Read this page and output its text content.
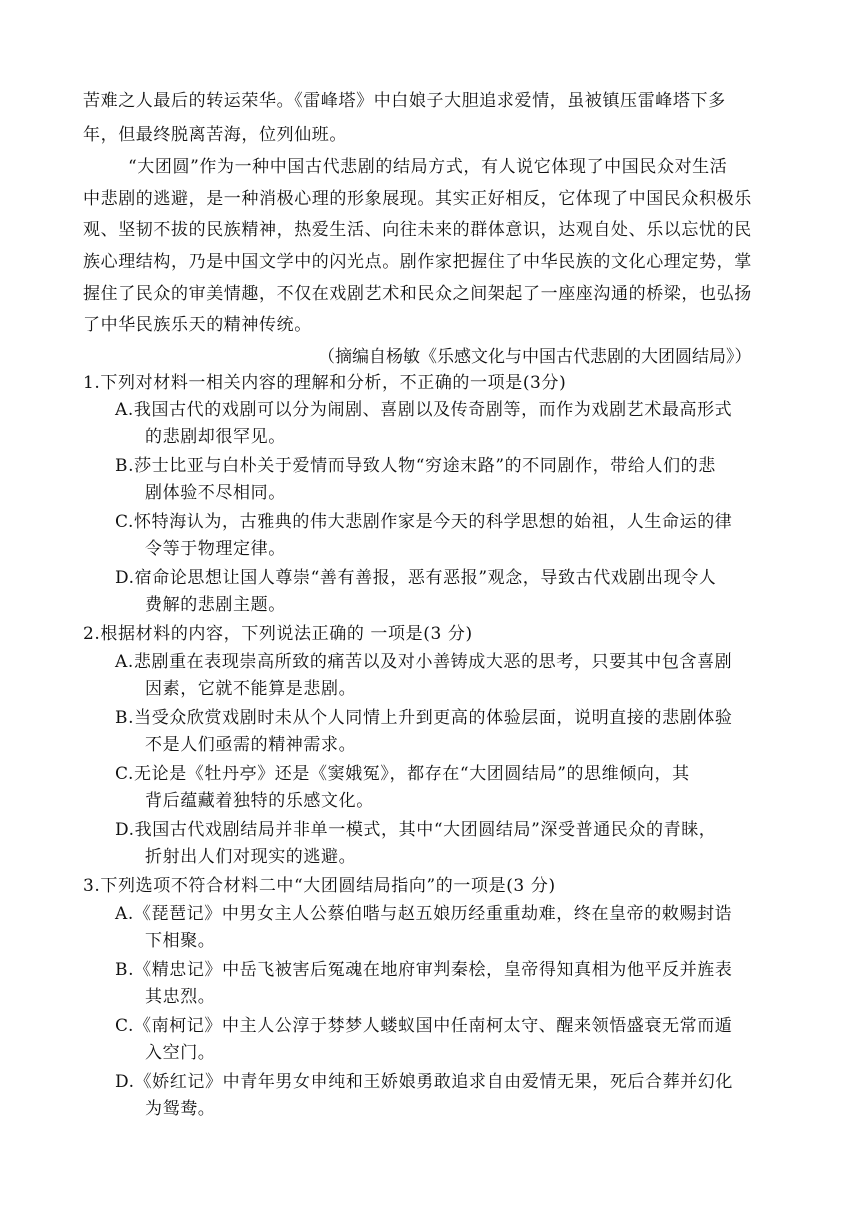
苦难之人最后的转运荣华。《雷峰塔》中白娘子大胆追求爱情，虽被镇压雷峰塔下多
年，但最终脱离苦海，位列仙班。
“大团圆”作为一种中国古代悲剧的结局方式，有人说它体现了中国民众对生活
中悲剧的逃避，是一种消极心理的形象展现。其实正好相反，它体现了中国民众积极乐
观、坚韧不拔的民族精神，热爱生活、向往未来的群体意识，达观自处、乐以忘忧的民
族心理结构，乃是中国文学中的闪光点。剧作家把握住了中华民族的文化心理定势，掌
握住了民众的审美情趣，不仅在戏剧艺术和民众之间架起了一座座沟通的桥梁，也弘扬
了中华民族乐天的精神传统。
（摘编自杨敏《乐感文化与中国古代悲剧的大团圆结局》）
1.下列对材料一相关内容的理解和分析，不正确的一项是(3分)
A.我国古代的戏剧可以分为闹剧、喜剧以及传奇剧等，而作为戏剧艺术最高形式
的悲剧却很罕见。
B.莎士比亚与白朴关于爱情而导致人物“穷途末路”的不同剧作，带给人们的悲
剧体验不尽相同。
C.怀特海认为，古雅典的伟大悲剧作家是今天的科学思想的始祖，人生命运的律
令等于物理定律。
D.宿命论思想让国人尊崇“善有善报，恶有恶报”观念，导致古代戏剧出现令人
费解的悲剧主题。
2.根据材料的内容，下列说法正确的 一项是(3 分)
A.悲剧重在表现崇高所致的痛苦以及对小善铸成大恶的思考，只要其中包含喜剧
因素，它就不能算是悲剧。
B.当受众欣赏戏剧时未从个人同情上升到更高的体验层面，说明直接的悲剧体验
不是人们亟需的精神需求。
C.无论是《牡丹亭》还是《窦娥冤》，都存在“大团圆结局”的思维倾向，其
背后蕴藏着独特的乐感文化。
D.我国古代戏剧结局并非单一模式，其中“大团圆结局”深受普通民众的青睐，
折射出人们对现实的逃避。
3.下列选项不符合材料二中“大团圆结局指向”的一项是(3 分)
A.《琵琶记》中男女主人公蔡伯喈与赵五娘历经重重劫难，终在皇帝的敕赐封诰
下相聚。
B.《精忠记》中岳飞被害后冤魂在地府审判秦桧，皇帝得知真相为他平反并旌表
其忠烈。
C.《南柯记》中主人公淳于棼梦人蝼蚁国中任南柯太守、醒来领悟盛衰无常而遁
入空门。
D.《娇红记》中青年男女申纯和王娇娘勇敢追求自由爱情无果，死后合葬并幻化
为鸳鸯。
